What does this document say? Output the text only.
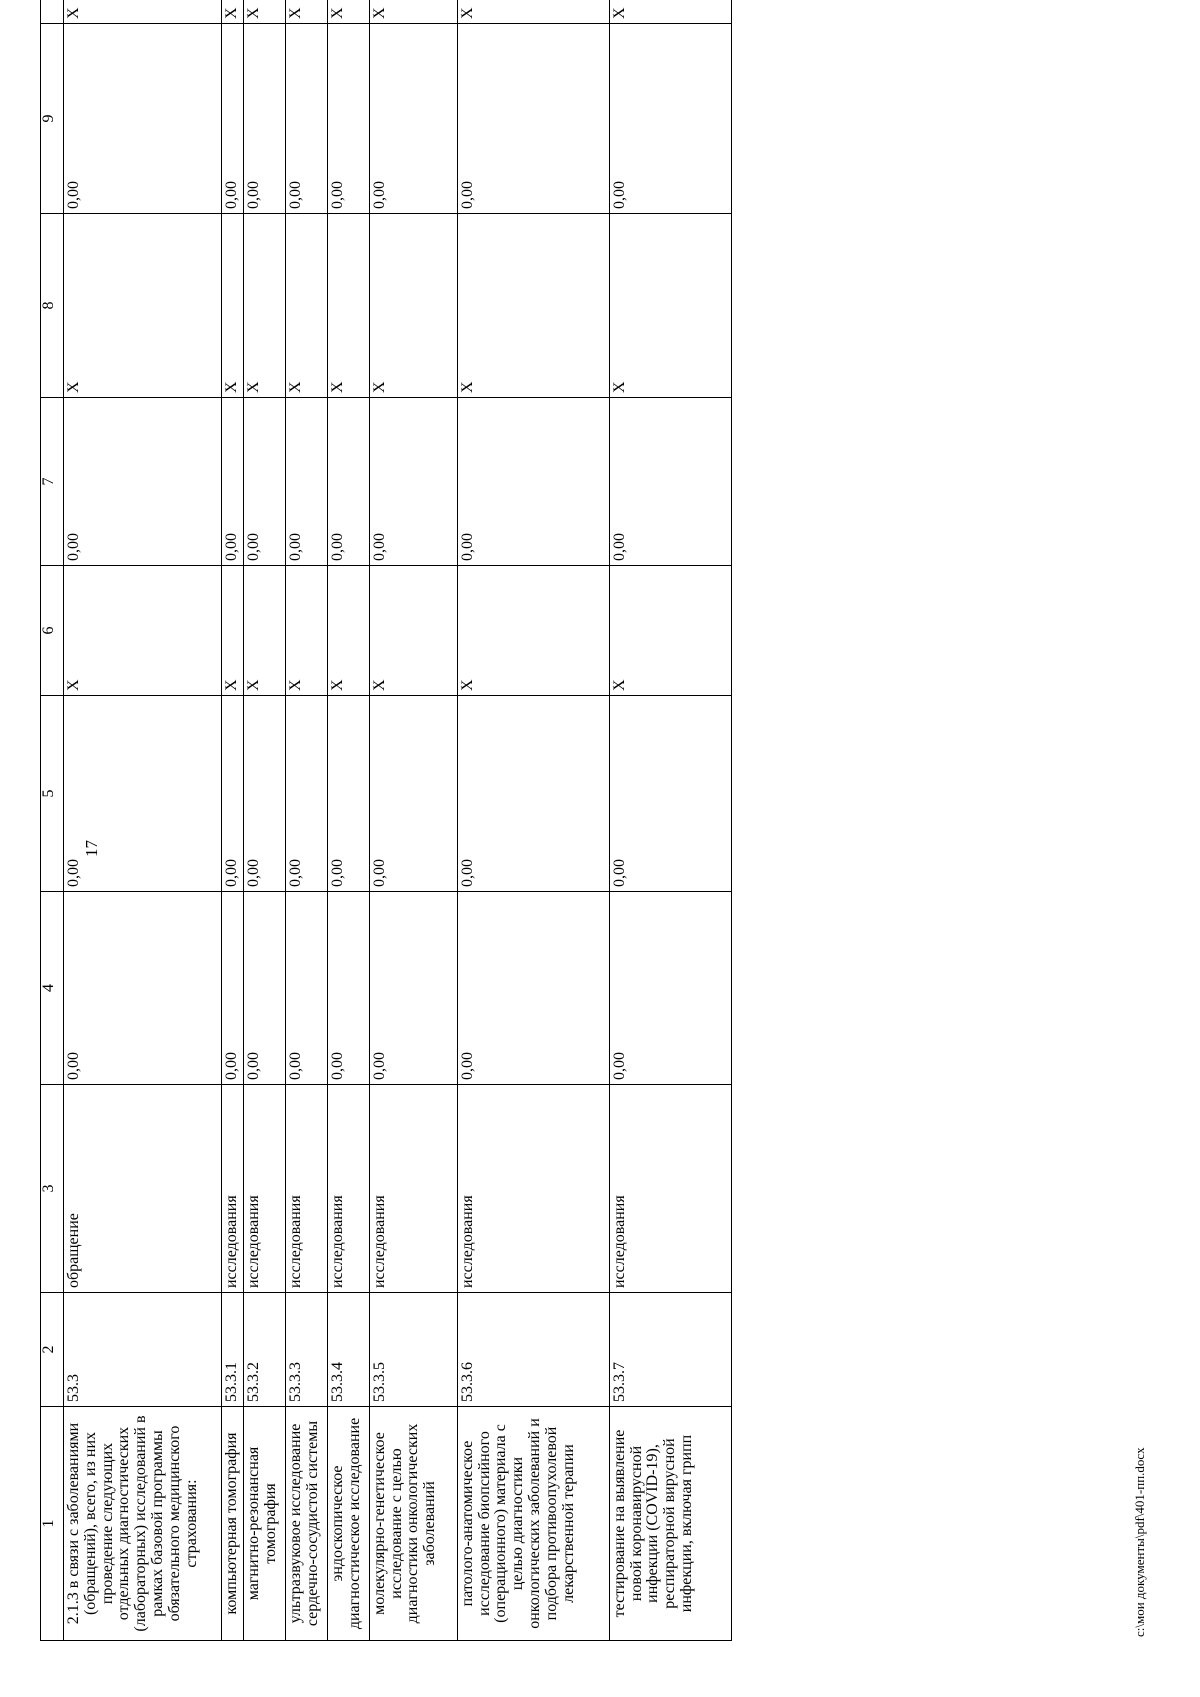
17
1	2	3	4	5	6	7	8	9	
2.1.3 в связи с заболеваниями (обращений), всего, из них проведение следующих отдельных диагностических (лабораторных) исследований в рамках базовой программы обязательного медицинского страхования:	53.3	обращение	0,00	0,00	X	0,00	X	0,00	X
компьютерная томография	53.3.1	исследования	0,00	0,00	X	0,00	X	0,00	X
магнитно-резонансная томография	53.3.2	исследования	0,00	0,00	X	0,00	X	0,00	X
ультразвуковое исследование сердечно-сосудистой системы	53.3.3	исследования	0,00	0,00	X	0,00	X	0,00	X
эндоскопическое диагностическое исследование	53.3.4	исследования	0,00	0,00	X	0,00	X	0,00	X
молекулярно-генетическое исследование с целью диагностики онкологических заболеваний	53.3.5	исследования	0,00	0,00	X	0,00	X	0,00	X
патолого-анатомическое исследование биопсийного (операционного) материала с целью диагностики онкологических заболеваний и подбора противоопухолевой лекарственной терапии	53.3.6	исследования	0,00	0,00	X	0,00	X	0,00	X
тестирование на выявление новой коронавирусной инфекции (COVID-19), респираторной вирусной инфекции, включая грипп	53.3.7	исследования	0,00	0,00	X	0,00	X	0,00	X
c:\мои документы\pdf\401-пп.docx
